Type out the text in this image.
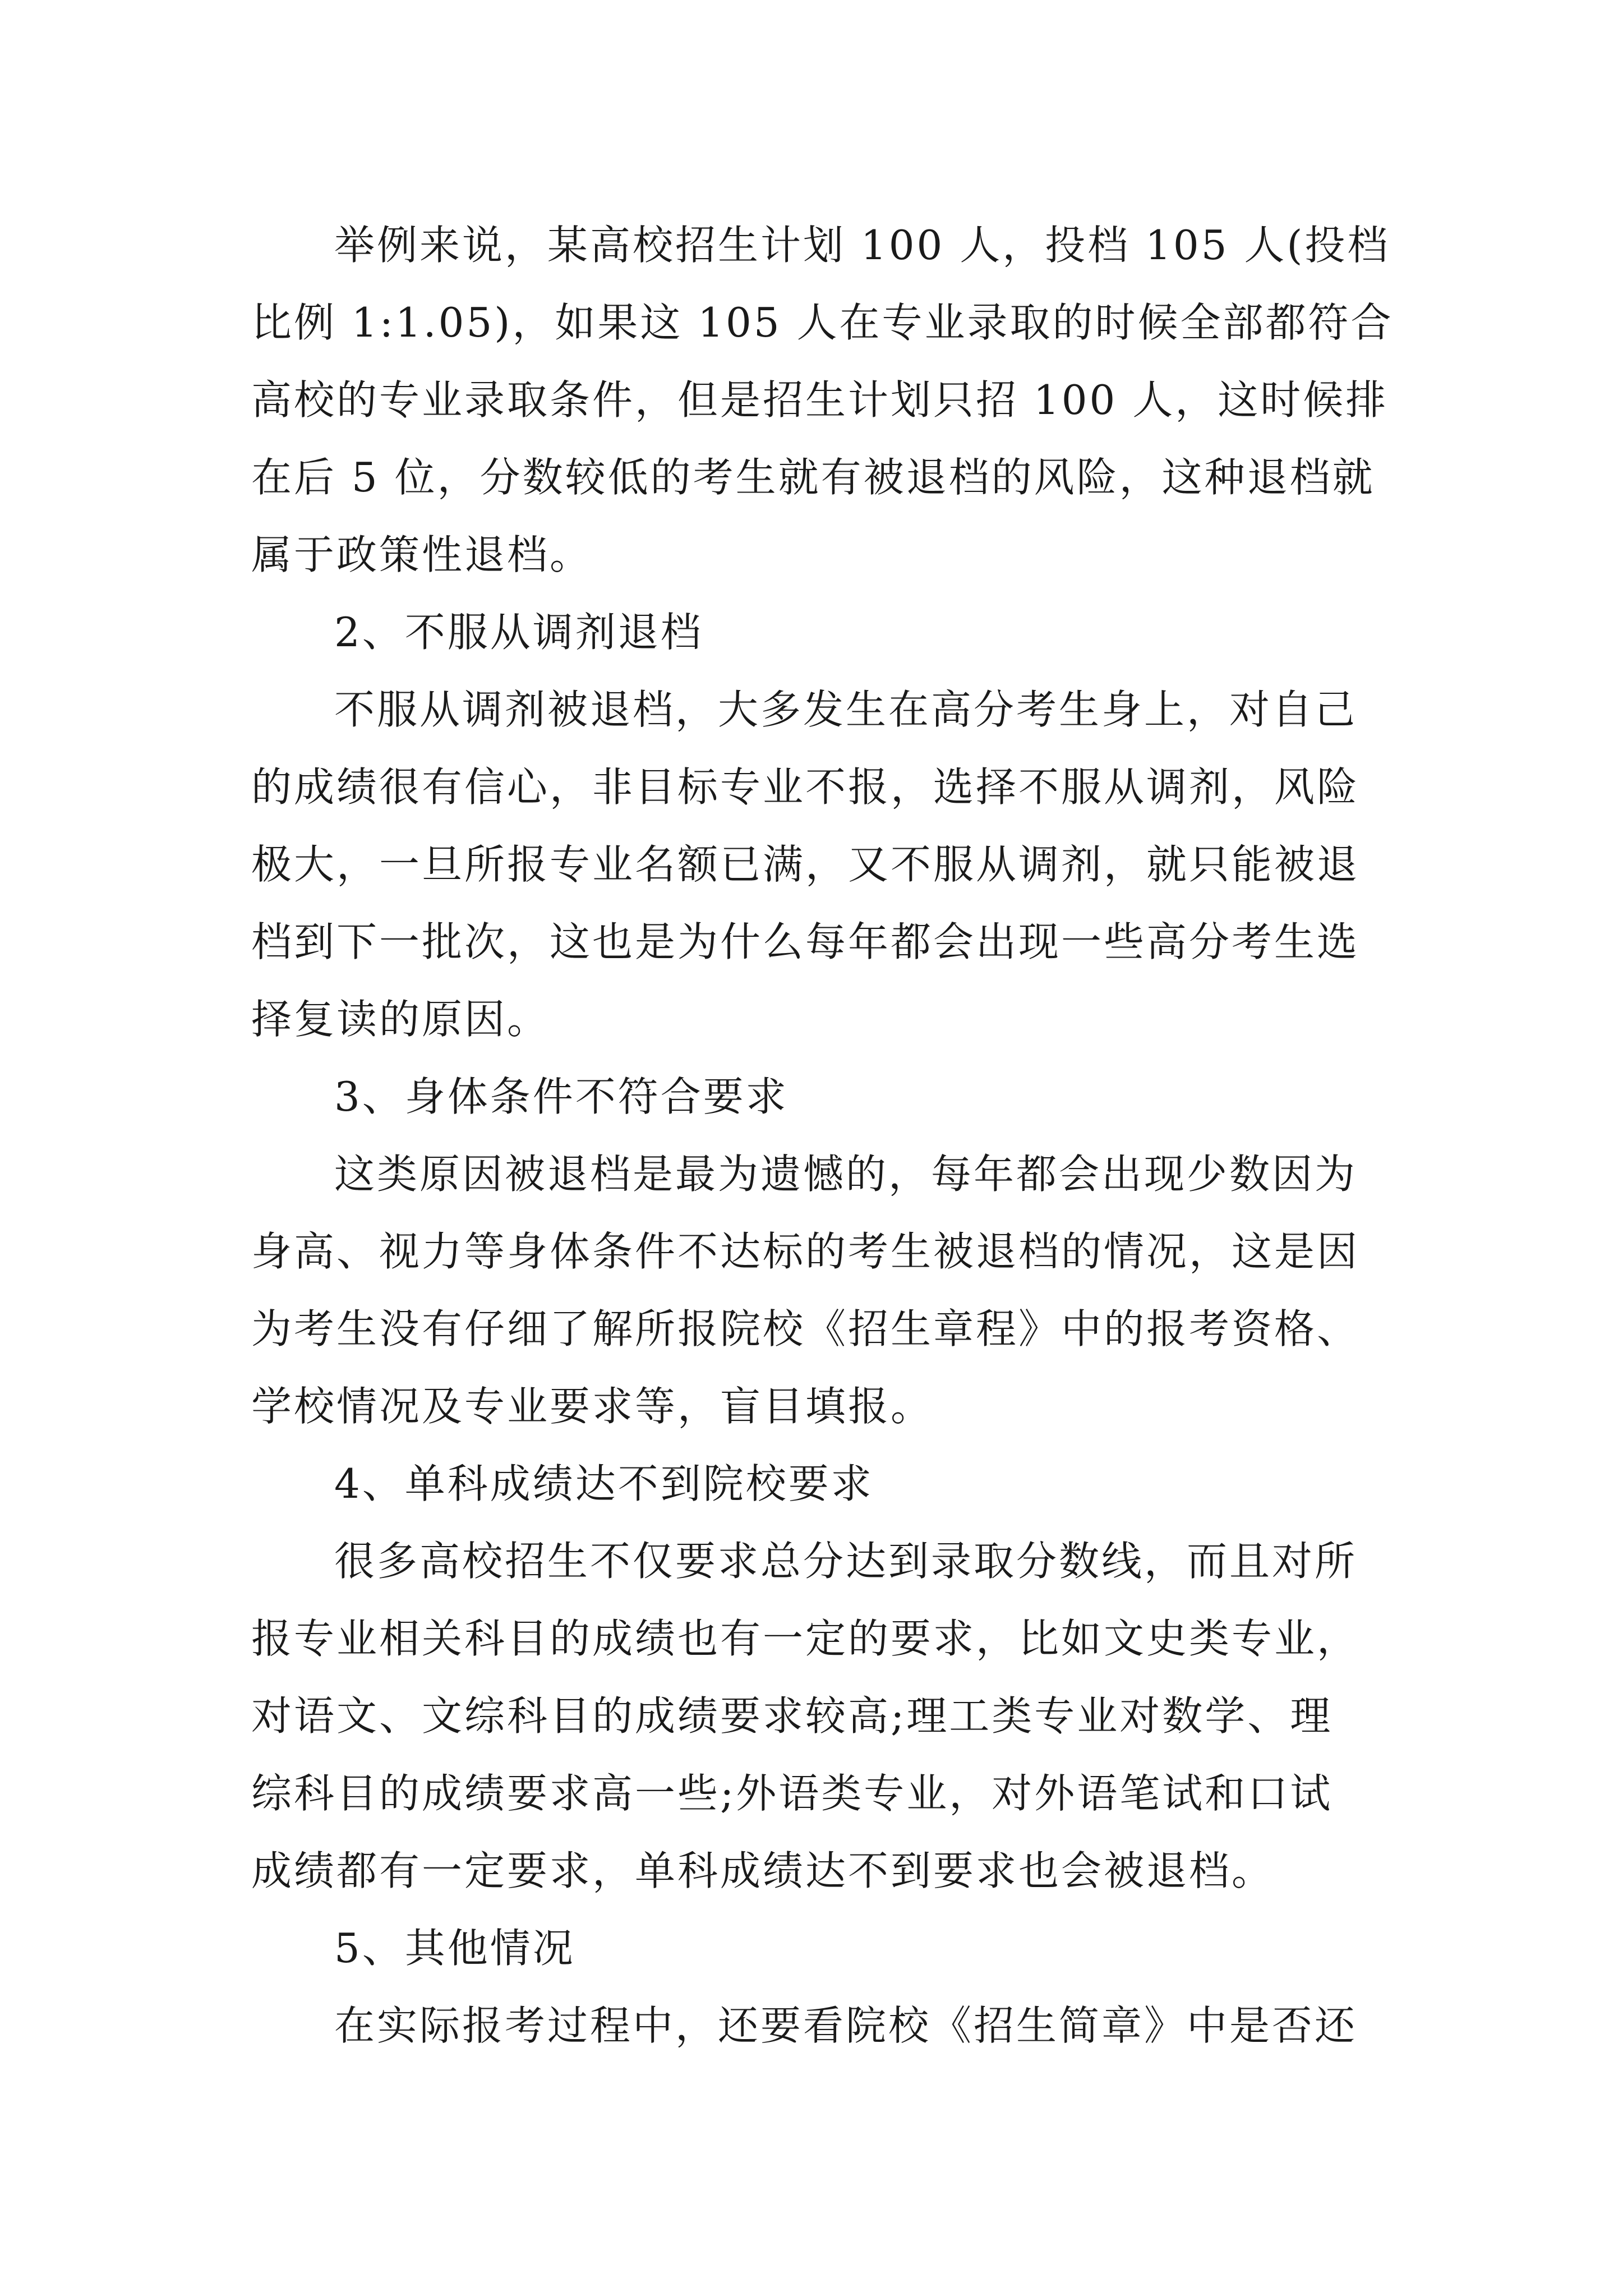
举例来说，某高校招生计划 100 人，投档 105 人(投档
比例 1:1.05)，如果这 105 人在专业录取的时候全部都符合
高校的专业录取条件，但是招生计划只招 100 人，这时候排
在后 5 位，分数较低的考生就有被退档的风险，这种退档就
属于政策性退档。
2、不服从调剂退档
不服从调剂被退档，大多发生在高分考生身上，对自己
的成绩很有信心，非目标专业不报，选择不服从调剂，风险
极大，一旦所报专业名额已满，又不服从调剂，就只能被退
档到下一批次，这也是为什么每年都会出现一些高分考生选
择复读的原因。
3、身体条件不符合要求
这类原因被退档是最为遗憾的，每年都会出现少数因为
身高、视力等身体条件不达标的考生被退档的情况，这是因
为考生没有仔细了解所报院校《招生章程》中的报考资格、
学校情况及专业要求等，盲目填报。
4、单科成绩达不到院校要求
很多高校招生不仅要求总分达到录取分数线，而且对所
报专业相关科目的成绩也有一定的要求，比如文史类专业，
对语文、文综科目的成绩要求较高;理工类专业对数学、理
综科目的成绩要求高一些;外语类专业，对外语笔试和口试
成绩都有一定要求，单科成绩达不到要求也会被退档。
5、其他情况
在实际报考过程中，还要看院校《招生简章》中是否还
